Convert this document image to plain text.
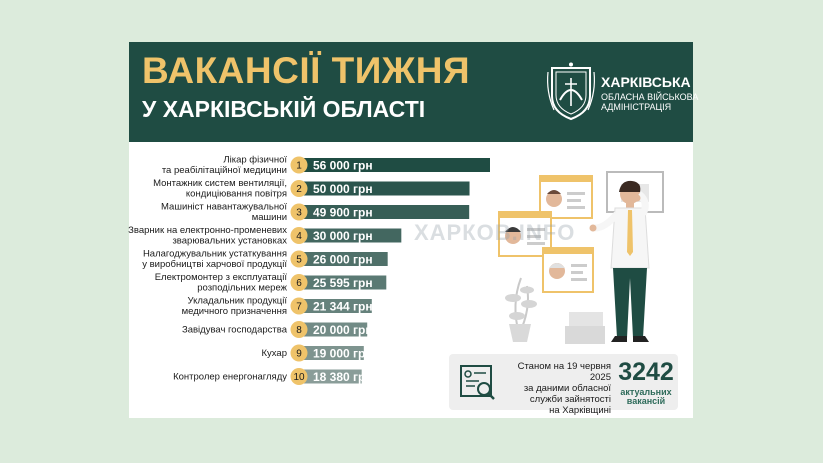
ВАКАНСІЇ ТИЖНЯ
У ХАРКІВСЬКІЙ ОБЛАСТІ
ХАРКІВСЬКА
ОБЛАСНА ВІЙСЬКОВА
АДМІНІСТРАЦІЯ
1 56 000 грн
Лікар фізичної
та реабілітаційної медицини
2 50 000 грн
Монтажник систем вентиляції,
кондиціювання повітря
3 49 900 грн
Машиніст навантажувальної
машини
4 30 000 грн
Зварник на електронно-променевих
зварювальних установках
5 26 000 грн
Налагоджувальник устаткування
у виробництві харчової продукції
6 25 595 грн
Електромонтер з експлуатації
розподільних мереж
7 21 344 грн
Укладальник продукції
медичного призначення
8 20 000 грн
Завідувач господарства
9 19 000 грн
Кухар
10 18 380 грн
Контролер енергонагляду
ХАРКОВ.INFO
Станом на 19 червня 2025
за даними обласної
служби зайнятості
на Харківщині
3242
актуальних
вакансій
